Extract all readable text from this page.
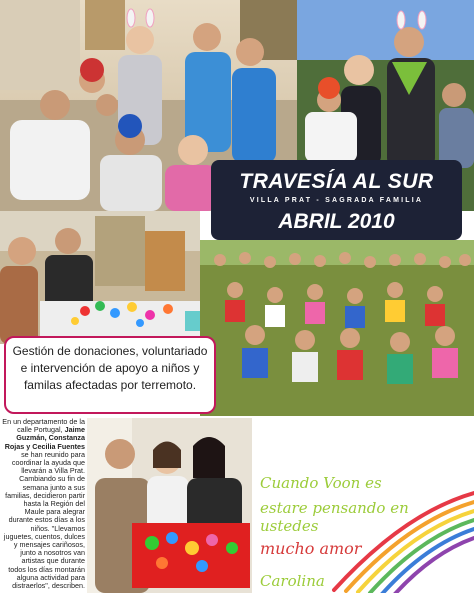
TRAVESÍA AL SUR
VILLA PRAT - SAGRADA FAMILIA
ABRIL 2010
Gestión de donaciones, voluntariado e intervención de apoyo a niños y familas afectadas por terremoto.
En un departamento de la calle Portugal, Jaime Guzmán, Constanza Rojas y Cecilia Fuentes se han reunido para coordinar la ayuda que llevarán a Villa Prat. Cambiando su fin de semana junto a sus familias, decidieron partir hasta la Región del Maule para alegrar durante estos días a los niños. "Llevamos juguetes, cuentos, dulces y mensajes cariñosos, junto a nosotros van artistas que durante todos los días montarán alguna actividad para distraerlos", describen.
Cuando Voon es
estare pensando en
ustedes
mucho amor
Carolina
